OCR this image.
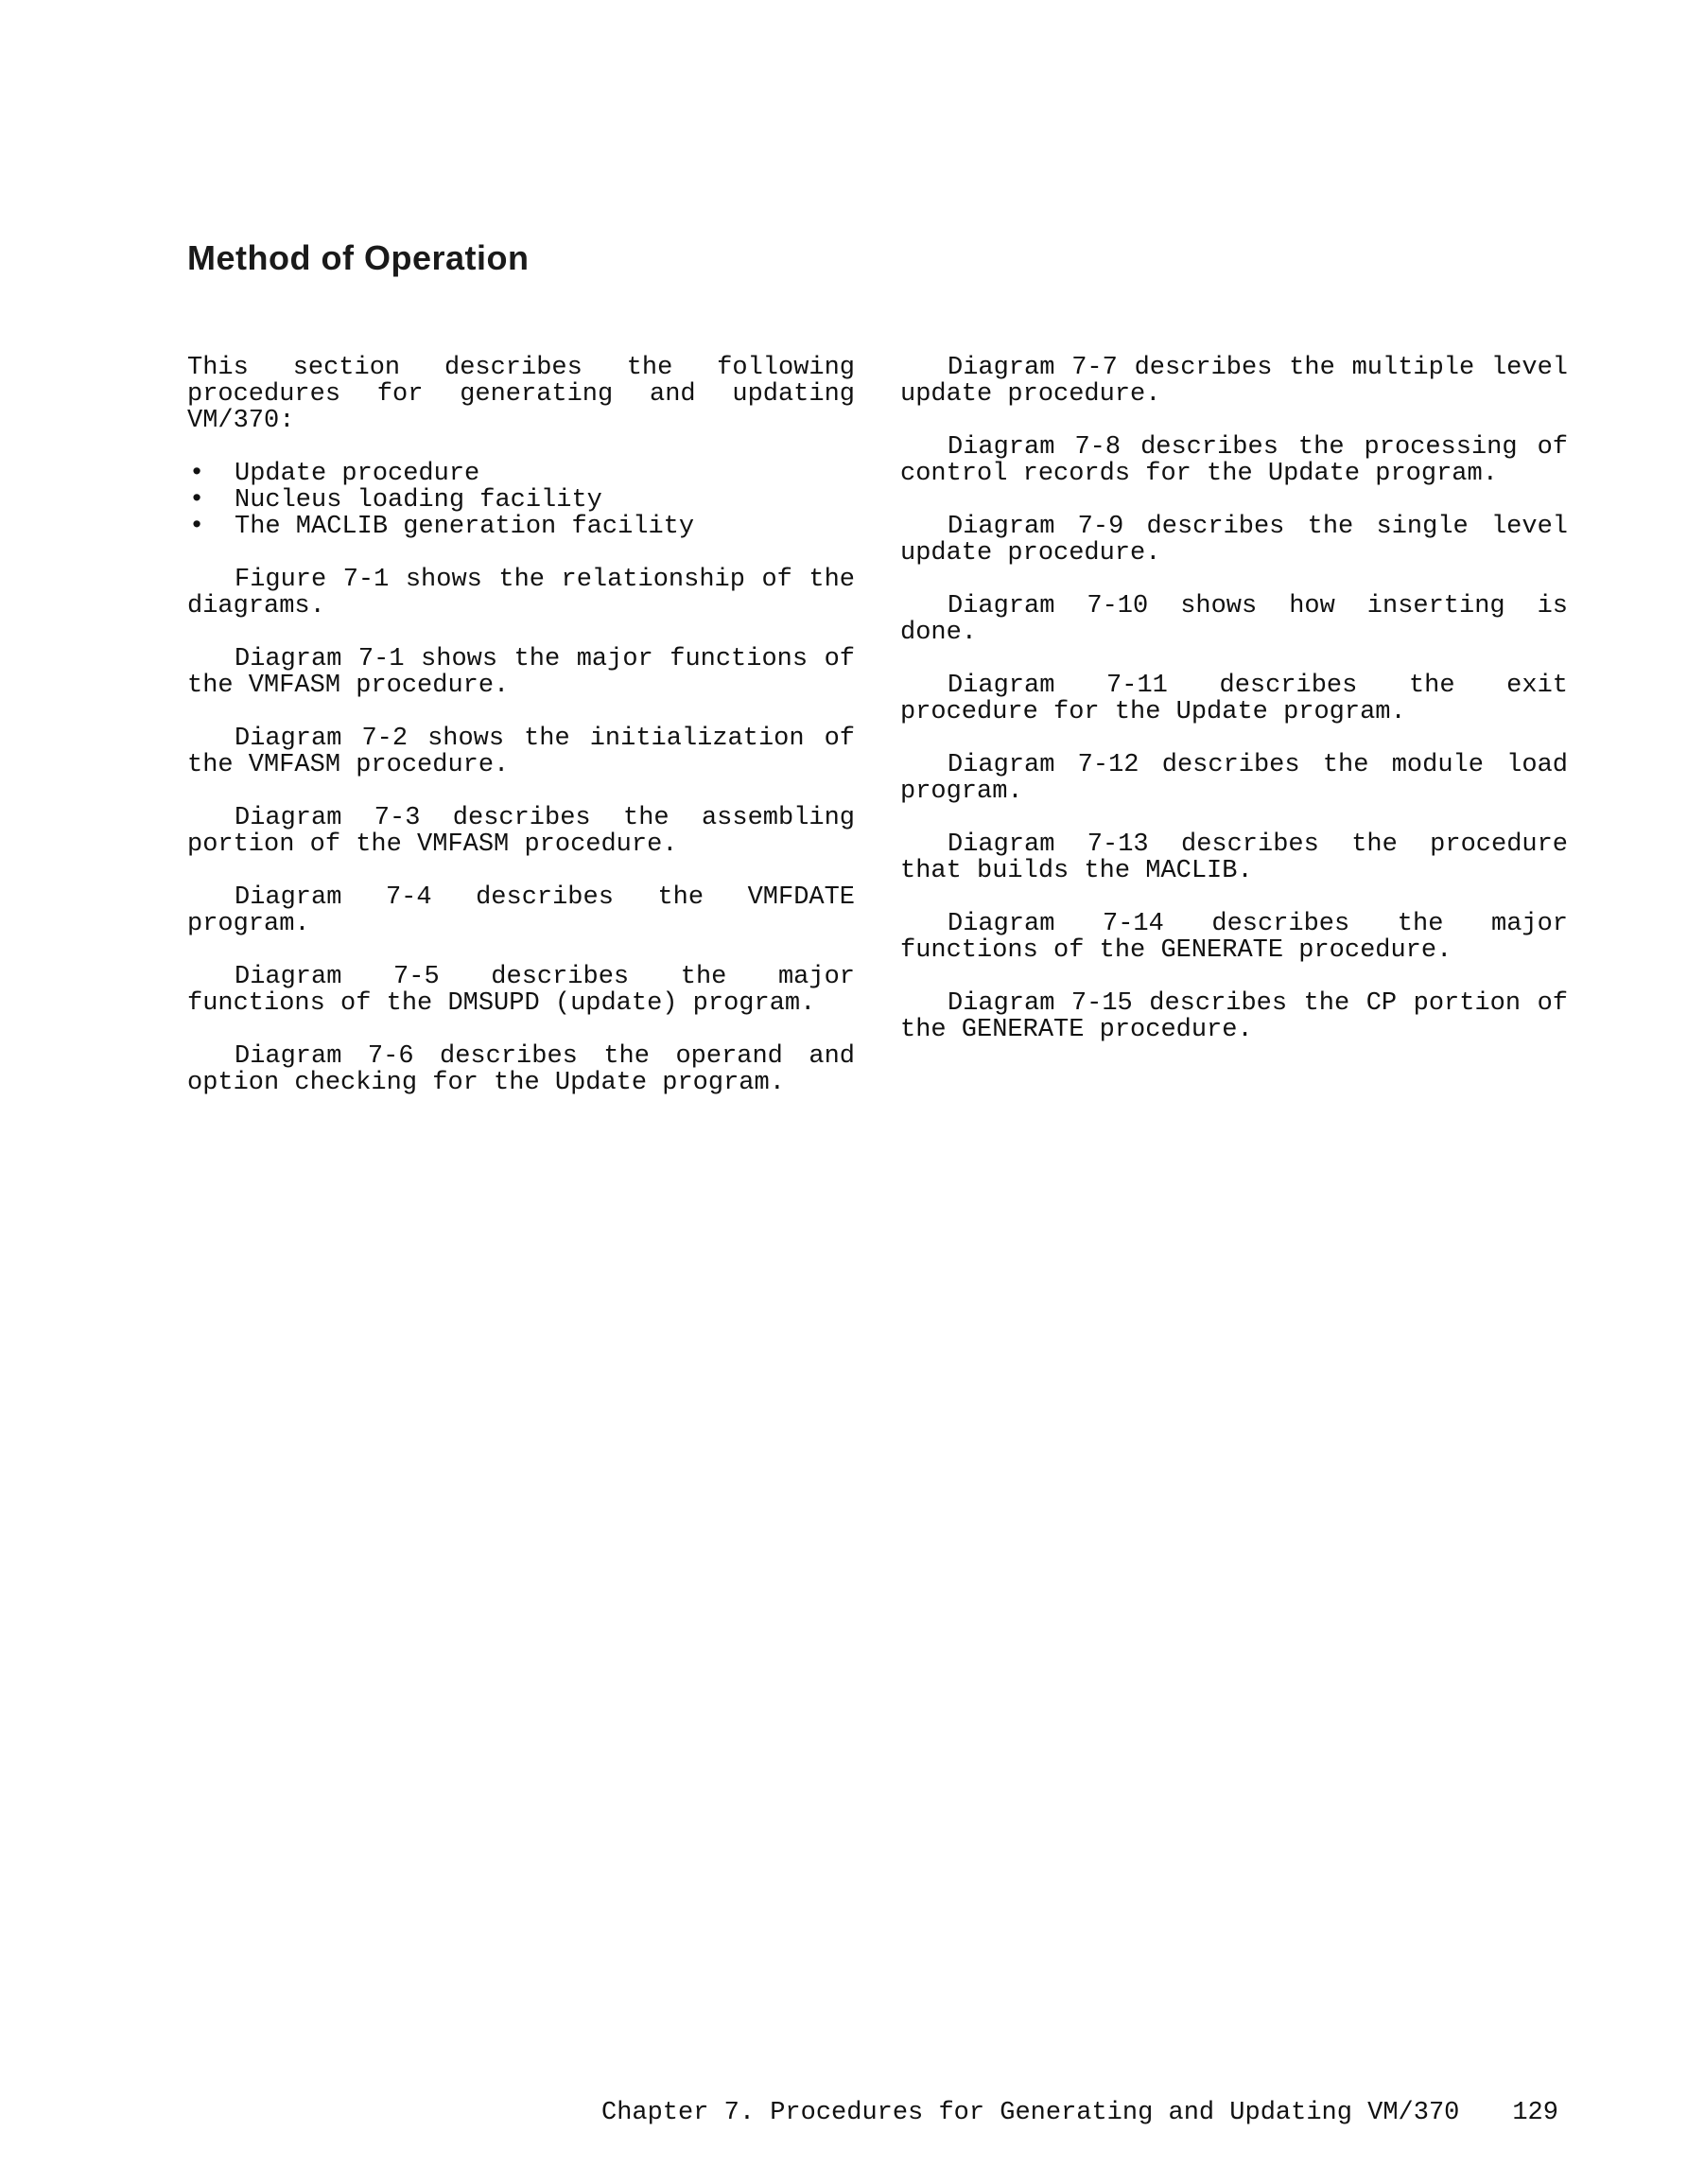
Method of Operation

This section describes the following procedures for generating and updating VM/370:

• Update procedure
• Nucleus loading facility
• The MACLIB generation facility

Figure 7-1 shows the relationship of the diagrams.

Diagram 7-1 shows the major functions of the VMFASM procedure.

Diagram 7-2 shows the initialization of the VMFASM procedure.

Diagram 7-3 describes the assembling portion of the VMFASM procedure.

Diagram 7-4 describes the VMFDATE program.

Diagram 7-5 describes the major functions of the DMSUPD (update) program.

Diagram 7-6 describes the operand and option checking for the Update program.

Diagram 7-7 describes the multiple level update procedure.

Diagram 7-8 describes the processing of control records for the Update program.

Diagram 7-9 describes the single level update procedure.

Diagram 7-10 shows how inserting is done.

Diagram 7-11 describes the exit procedure for the Update program.

Diagram 7-12 describes the module load program.

Diagram 7-13 describes the procedure that builds the MACLIB.

Diagram 7-14 describes the major functions of the GENERATE procedure.

Diagram 7-15 describes the CP portion of the GENERATE procedure.

Chapter 7. Procedures for Generating and Updating VM/370 129
